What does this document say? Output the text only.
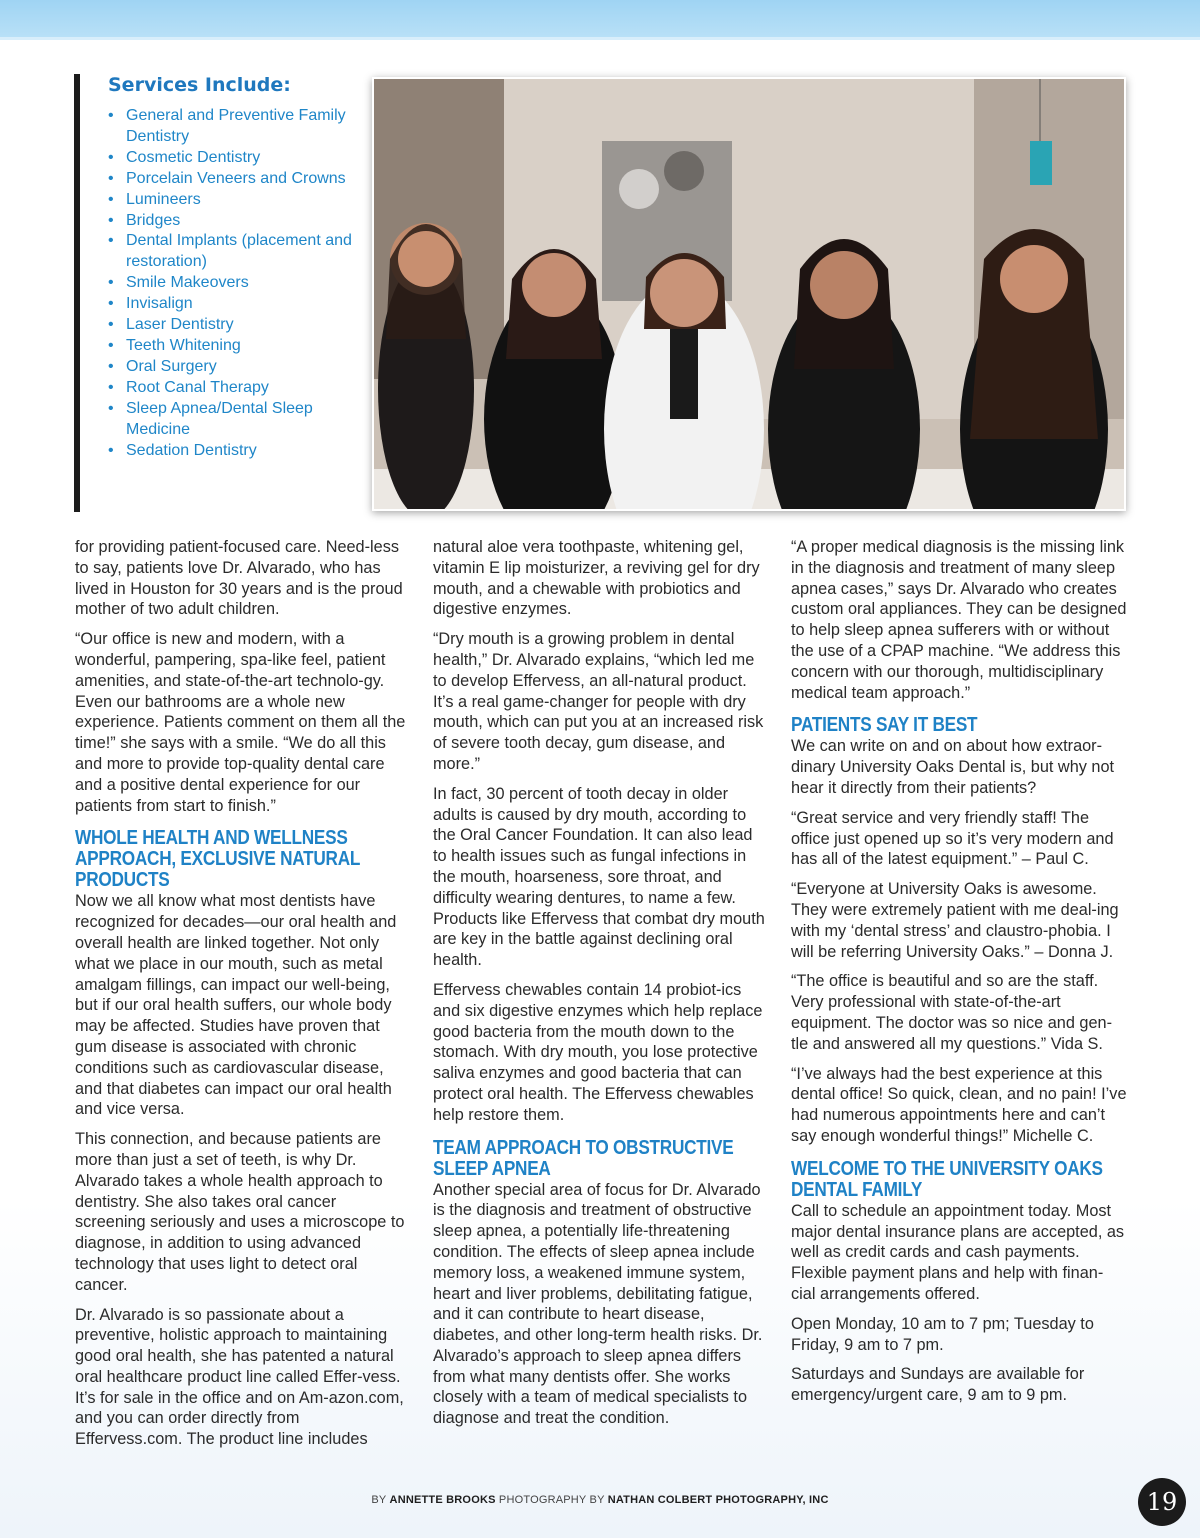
Services Include:
• General and Preventive Family Dentistry
• Cosmetic Dentistry
• Porcelain Veneers and Crowns
• Lumineers
• Bridges
• Dental Implants (placement and restoration)
• Smile Makeovers
• Invisalign
• Laser Dentistry
• Teeth Whitening
• Oral Surgery
• Root Canal Therapy
• Sleep Apnea/Dental Sleep Medicine
• Sedation Dentistry

for providing patient-focused care. Need-less to say, patients love Dr. Alvarado, who has lived in Houston for 30 years and is the proud mother of two adult children.

“Our office is new and modern, with a wonderful, pampering, spa-like feel, patient amenities, and state-of-the-art technolo-gy. Even our bathrooms are a whole new experience. Patients comment on them all the time!” she says with a smile. “We do all this and more to provide top-quality dental care and a positive dental experience for our patients from start to finish.”

WHOLE HEALTH AND WELLNESS APPROACH, EXCLUSIVE NATURAL PRODUCTS

Now we all know what most dentists have recognized for decades—our oral health and overall health are linked together. Not only what we place in our mouth, such as metal amalgam fillings, can impact our well-being, but if our oral health suffers, our whole body may be affected. Studies have proven that gum disease is associated with chronic conditions such as cardiovascular disease, and that diabetes can impact our oral health and vice versa.

This connection, and because patients are more than just a set of teeth, is why Dr. Alvarado takes a whole health approach to dentistry. She also takes oral cancer screening seriously and uses a microscope to diagnose, in addition to using advanced technology that uses light to detect oral cancer.

Dr. Alvarado is so passionate about a preventive, holistic approach to maintaining good oral health, she has patented a natural oral healthcare product line called Effer-vess. It’s for sale in the office and on Am-azon.com, and you can order directly from Effervess.com. The product line includes

natural aloe vera toothpaste, whitening gel, vitamin E lip moisturizer, a reviving gel for dry mouth, and a chewable with probiotics and digestive enzymes.

“Dry mouth is a growing problem in dental health,” Dr. Alvarado explains, “which led me to develop Effervess, an all-natural product. It’s a real game-changer for people with dry mouth, which can put you at an increased risk of severe tooth decay, gum disease, and more.”

In fact, 30 percent of tooth decay in older adults is caused by dry mouth, according to the Oral Cancer Foundation. It can also lead to health issues such as fungal infections in the mouth, hoarseness, sore throat, and difficulty wearing dentures, to name a few. Products like Effervess that combat dry mouth are key in the battle against declining oral health.

Effervess chewables contain 14 probiot-ics and six digestive enzymes which help replace good bacteria from the mouth down to the stomach. With dry mouth, you lose protective saliva enzymes and good bacteria that can protect oral health. The Effervess chewables help restore them.

TEAM APPROACH TO OBSTRUCTIVE SLEEP APNEA

Another special area of focus for Dr. Alvarado is the diagnosis and treatment of obstructive sleep apnea, a potentially life-threatening condition. The effects of sleep apnea include memory loss, a weakened immune system, heart and liver problems, debilitating fatigue, and it can contribute to heart disease, diabetes, and other long-term health risks. Dr. Alvarado’s approach to sleep apnea differs from what many dentists offer. She works closely with a team of medical specialists to diagnose and treat the condition.

“A proper medical diagnosis is the missing link in the diagnosis and treatment of many sleep apnea cases,” says Dr. Alvarado who creates custom oral appliances. They can be designed to help sleep apnea sufferers with or without the use of a CPAP machine. “We address this concern with our thorough, multidisciplinary medical team approach.”

PATIENTS SAY IT BEST

We can write on and on about how extraor-dinary University Oaks Dental is, but why not hear it directly from their patients?

“Great service and very friendly staff! The office just opened up so it’s very modern and has all of the latest equipment.” – Paul C.

“Everyone at University Oaks is awesome. They were extremely patient with me deal-ing with my ‘dental stress’ and claustro-phobia. I will be referring University Oaks.” – Donna J.

“The office is beautiful and so are the staff. Very professional with state-of-the-art equipment. The doctor was so nice and gen-tle and answered all my questions.” Vida S.

“I’ve always had the best experience at this dental office! So quick, clean, and no pain! I’ve had numerous appointments here and can’t say enough wonderful things!” Michelle C.

WELCOME TO THE UNIVERSITY OAKS DENTAL FAMILY

Call to schedule an appointment today. Most major dental insurance plans are accepted, as well as credit cards and cash payments. Flexible payment plans and help with finan-cial arrangements offered.

Open Monday, 10 am to 7 pm; Tuesday to Friday, 9 am to 7 pm.

Saturdays and Sundays are available for emergency/urgent care, 9 am to 9 pm.

BY ANNETTE BROOKS PHOTOGRAPHY BY NATHAN COLBERT PHOTOGRAPHY, INC	19
